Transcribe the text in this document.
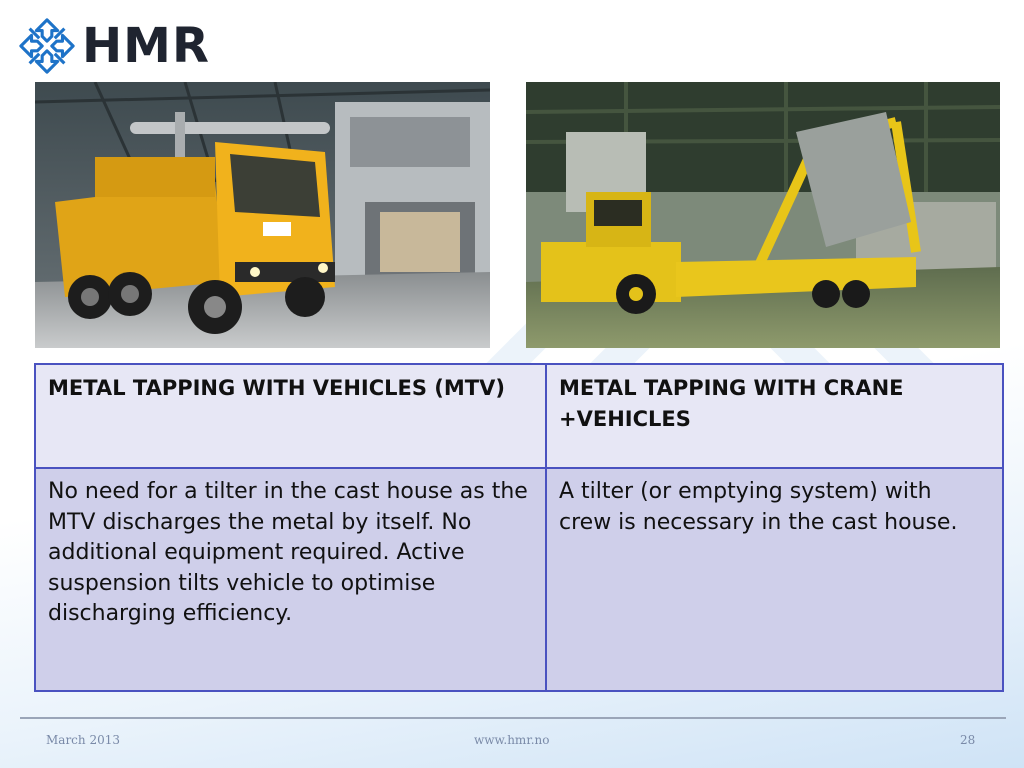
HMR
METAL TAPPING WITH VEHICLES (MTV)	METAL TAPPING WITH CRANE +VEHICLES
No need for a tilter in the cast house as the MTV discharges the metal by itself. No additional equipment required. Active suspension tilts vehicle to optimise discharging efficiency.	A tilter (or emptying system) with crew is necessary in the cast house.
March 2013	www.hmr.no	28
